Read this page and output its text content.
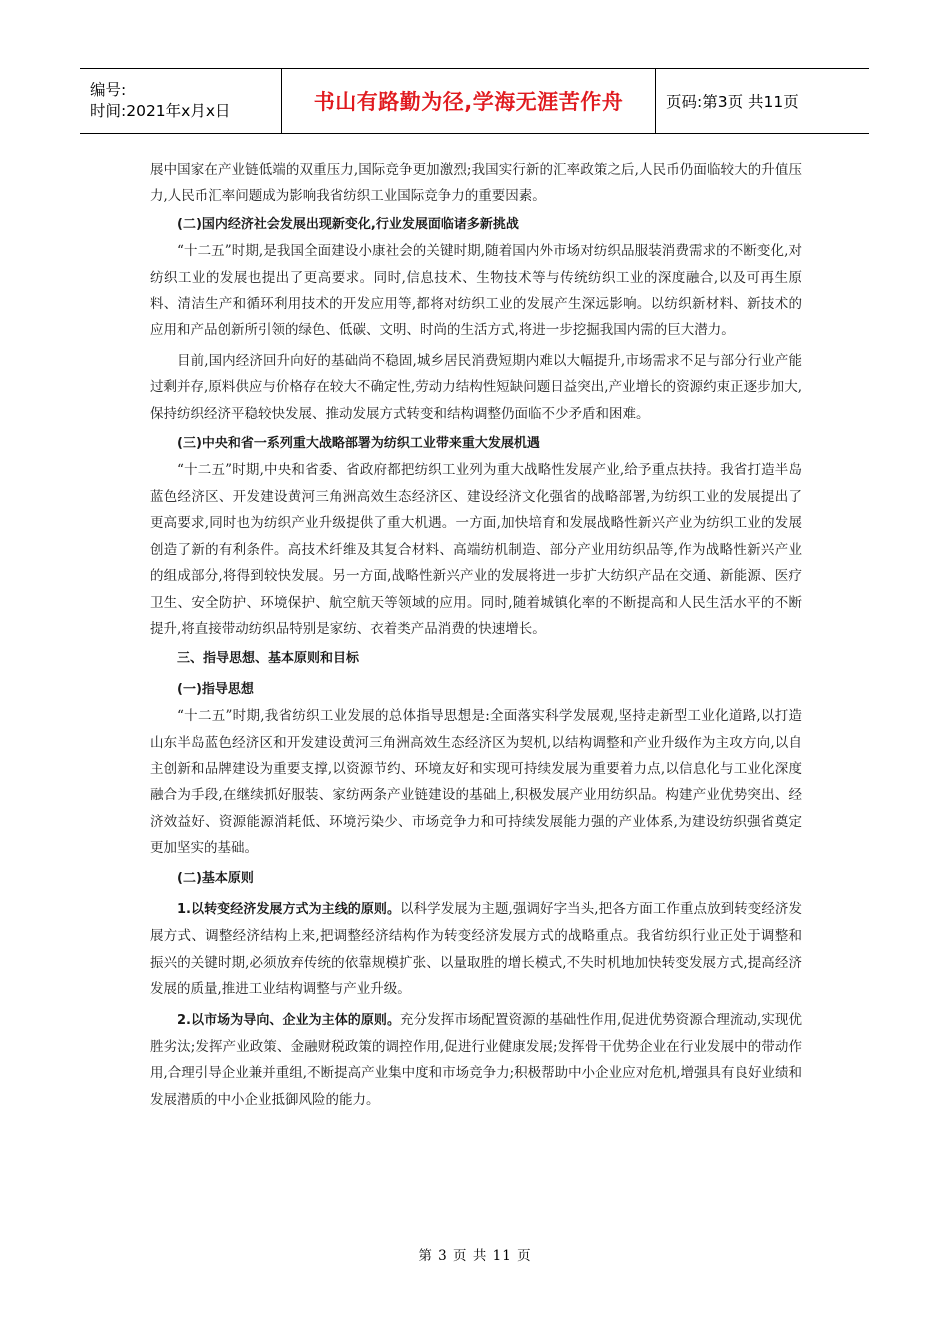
编号:
时间:2021年x月x日	书山有路勤为径,学海无涯苦作舟	页码:第3页 共11页

展中国家在产业链低端的双重压力,国际竞争更加激烈;我国实行新的汇率政策之后,人民币仍面临较大的升值压力,人民币汇率问题成为影响我省纺织工业国际竞争力的重要因素。

(二)国内经济社会发展出现新变化,行业发展面临诸多新挑战

“十二五”时期,是我国全面建设小康社会的关键时期,随着国内外市场对纺织品服装消费需求的不断变化,对纺织工业的发展也提出了更高要求。同时,信息技术、生物技术等与传统纺织工业的深度融合,以及可再生原料、清洁生产和循环利用技术的开发应用等,都将对纺织工业的发展产生深远影响。以纺织新材料、新技术的应用和产品创新所引领的绿色、低碳、文明、时尚的生活方式,将进一步挖掘我国内需的巨大潜力。

目前,国内经济回升向好的基础尚不稳固,城乡居民消费短期内难以大幅提升,市场需求不足与部分行业产能过剩并存,原料供应与价格存在较大不确定性,劳动力结构性短缺问题日益突出,产业增长的资源约束正逐步加大,保持纺织经济平稳较快发展、推动发展方式转变和结构调整仍面临不少矛盾和困难。

(三)中央和省一系列重大战略部署为纺织工业带来重大发展机遇

“十二五”时期,中央和省委、省政府都把纺织工业列为重大战略性发展产业,给予重点扶持。我省打造半岛蓝色经济区、开发建设黄河三角洲高效生态经济区、建设经济文化强省的战略部署,为纺织工业的发展提出了更高要求,同时也为纺织产业升级提供了重大机遇。一方面,加快培育和发展战略性新兴产业为纺织工业的发展创造了新的有利条件。高技术纤维及其复合材料、高端纺机制造、部分产业用纺织品等,作为战略性新兴产业的组成部分,将得到较快发展。另一方面,战略性新兴产业的发展将进一步扩大纺织产品在交通、新能源、医疗卫生、安全防护、环境保护、航空航天等领域的应用。同时,随着城镇化率的不断提高和人民生活水平的不断提升,将直接带动纺织品特别是家纺、衣着类产品消费的快速增长。

三、指导思想、基本原则和目标

(一)指导思想

“十二五”时期,我省纺织工业发展的总体指导思想是:全面落实科学发展观,坚持走新型工业化道路,以打造山东半岛蓝色经济区和开发建设黄河三角洲高效生态经济区为契机,以结构调整和产业升级作为主攻方向,以自主创新和品牌建设为重要支撑,以资源节约、环境友好和实现可持续发展为重要着力点,以信息化与工业化深度融合为手段,在继续抓好服装、家纺两条产业链建设的基础上,积极发展产业用纺织品。构建产业优势突出、经济效益好、资源能源消耗低、环境污染少、市场竞争力和可持续发展能力强的产业体系,为建设纺织强省奠定更加坚实的基础。

(二)基本原则

1.以转变经济发展方式为主线的原则。以科学发展为主题,强调好字当头,把各方面工作重点放到转变经济发展方式、调整经济结构上来,把调整经济结构作为转变经济发展方式的战略重点。我省纺织行业正处于调整和振兴的关键时期,必须放弃传统的依靠规模扩张、以量取胜的增长模式,不失时机地加快转变发展方式,提高经济发展的质量,推进工业结构调整与产业升级。

2.以市场为导向、企业为主体的原则。充分发挥市场配置资源的基础性作用,促进优势资源合理流动,实现优胜劣汰;发挥产业政策、金融财税政策的调控作用,促进行业健康发展;发挥骨干优势企业在行业发展中的带动作用,合理引导企业兼并重组,不断提高产业集中度和市场竞争力;积极帮助中小企业应对危机,增强具有良好业绩和发展潜质的中小企业抵御风险的能力。

第 3 页 共 11 页
